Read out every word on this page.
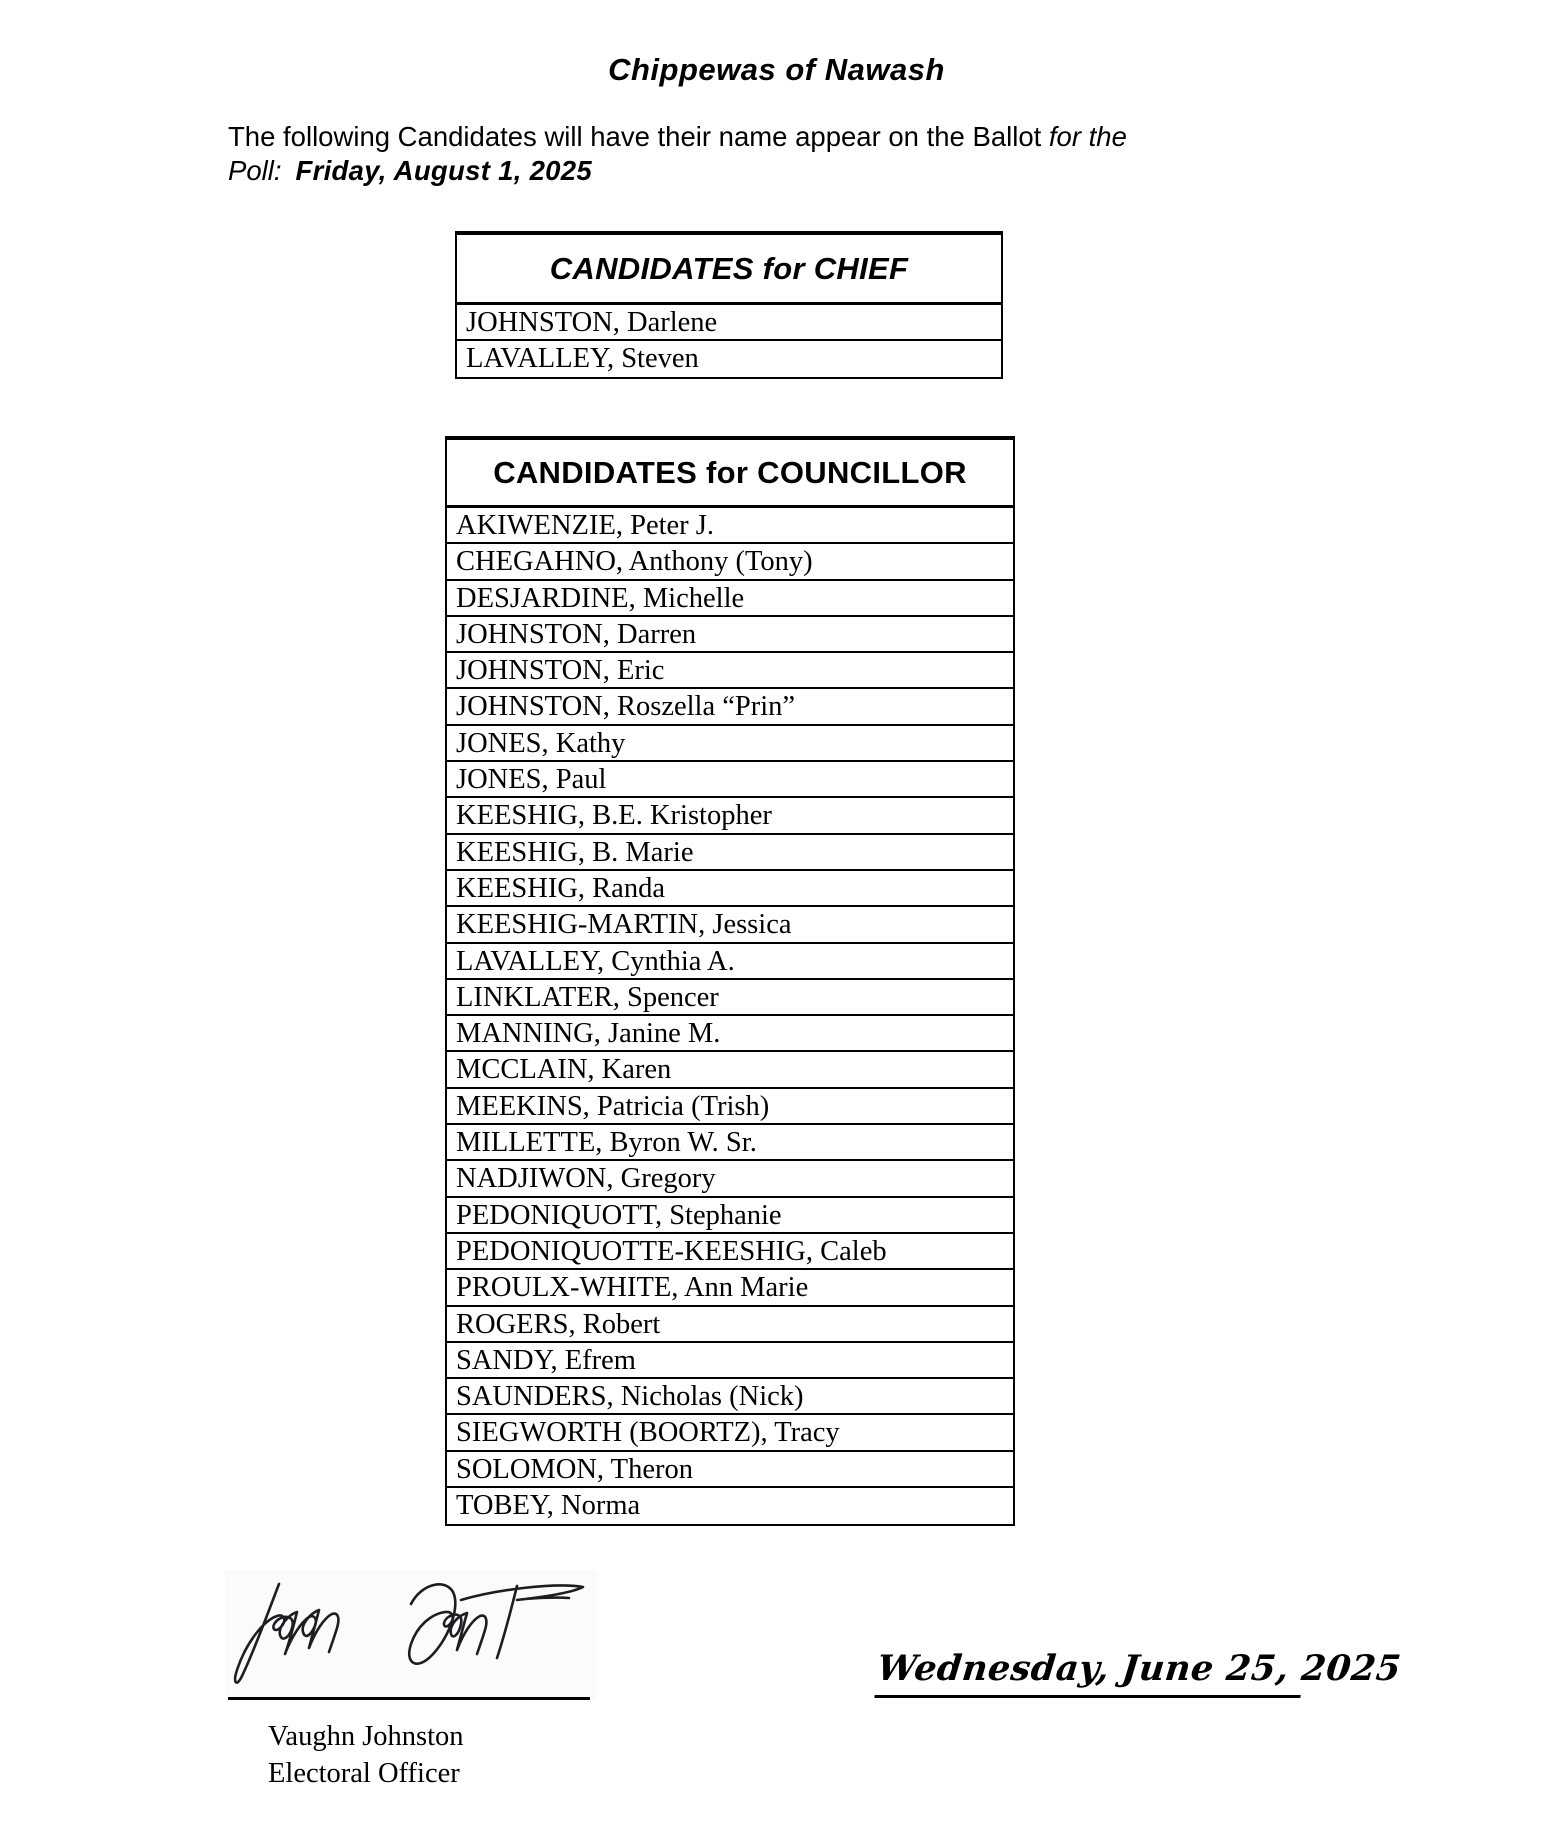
Chippewas of Nawash
The following Candidates will have their name appear on the Ballot for the
Poll: Friday, August 1, 2025
CANDIDATES for CHIEF
JOHNSTON, Darlene
LAVALLEY, Steven
CANDIDATES for COUNCILLOR
AKIWENZIE, Peter J.
CHEGAHNO, Anthony (Tony)
DESJARDINE, Michelle
JOHNSTON, Darren
JOHNSTON, Eric
JOHNSTON, Roszella “Prin”
JONES, Kathy
JONES, Paul
KEESHIG, B.E. Kristopher
KEESHIG, B. Marie
KEESHIG, Randa
KEESHIG-MARTIN, Jessica
LAVALLEY, Cynthia A.
LINKLATER, Spencer
MANNING, Janine M.
MCCLAIN, Karen
MEEKINS, Patricia (Trish)
MILLETTE, Byron W. Sr.
NADJIWON, Gregory
PEDONIQUOTT, Stephanie
PEDONIQUOTTE-KEESHIG, Caleb
PROULX-WHITE, Ann Marie
ROGERS, Robert
SANDY, Efrem
SAUNDERS, Nicholas (Nick)
SIEGWORTH (BOORTZ), Tracy
SOLOMON, Theron
TOBEY, Norma
Vaughn Johnston
Electoral Officer
Wednesday, June 25, 2025
